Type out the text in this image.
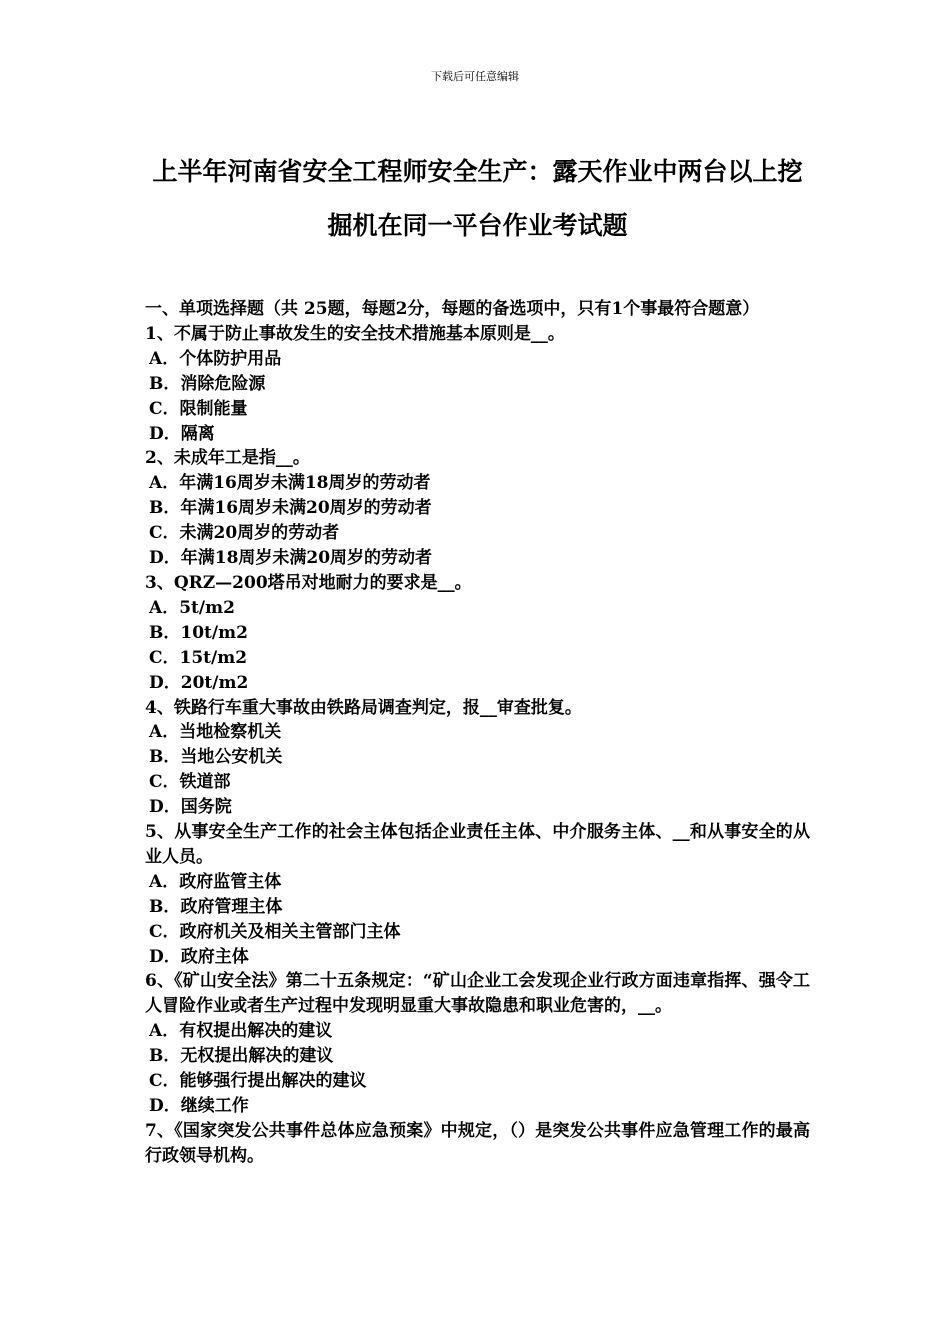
下载后可任意编辑
上半年河南省安全工程师安全生产：露天作业中两台以上挖掘机在同一平台作业考试题

一、单项选择题（共 25题，每题2分，每题的备选项中，只有1个事最符合题意）

1、不属于防止事故发生的安全技术措施基本原则是__。

A．个体防护用品

B．消除危险源

C．限制能量

D．隔离

2、未成年工是指__。

A．年满16周岁未满18周岁的劳动者

B．年满16周岁未满20周岁的劳动者

C．未满20周岁的劳动者

D．年满18周岁未满20周岁的劳动者

3、QRZ—200塔吊对地耐力的要求是__。

A．5t/m2

B．10t/m2

C．15t/m2

D．20t/m2

4、铁路行车重大事故由铁路局调查判定，报__审查批复。

A．当地检察机关

B．当地公安机关

C．铁道部

D．国务院

5、从事安全生产工作的社会主体包括企业责任主体、中介服务主体、__和从事安全的从业人员。

A．政府监管主体

B．政府管理主体

C．政府机关及相关主管部门主体

D．政府主体

6、《矿山安全法》第二十五条规定：“矿山企业工会发现企业行政方面违章指挥、强令工人冒险作业或者生产过程中发现明显重大事故隐患和职业危害的，__。

A．有权提出解决的建议

B．无权提出解决的建议

C．能够强行提出解决的建议

D．继续工作

7、《国家突发公共事件总体应急预案》中规定，（）是突发公共事件应急管理工作的最高行政领导机构。
